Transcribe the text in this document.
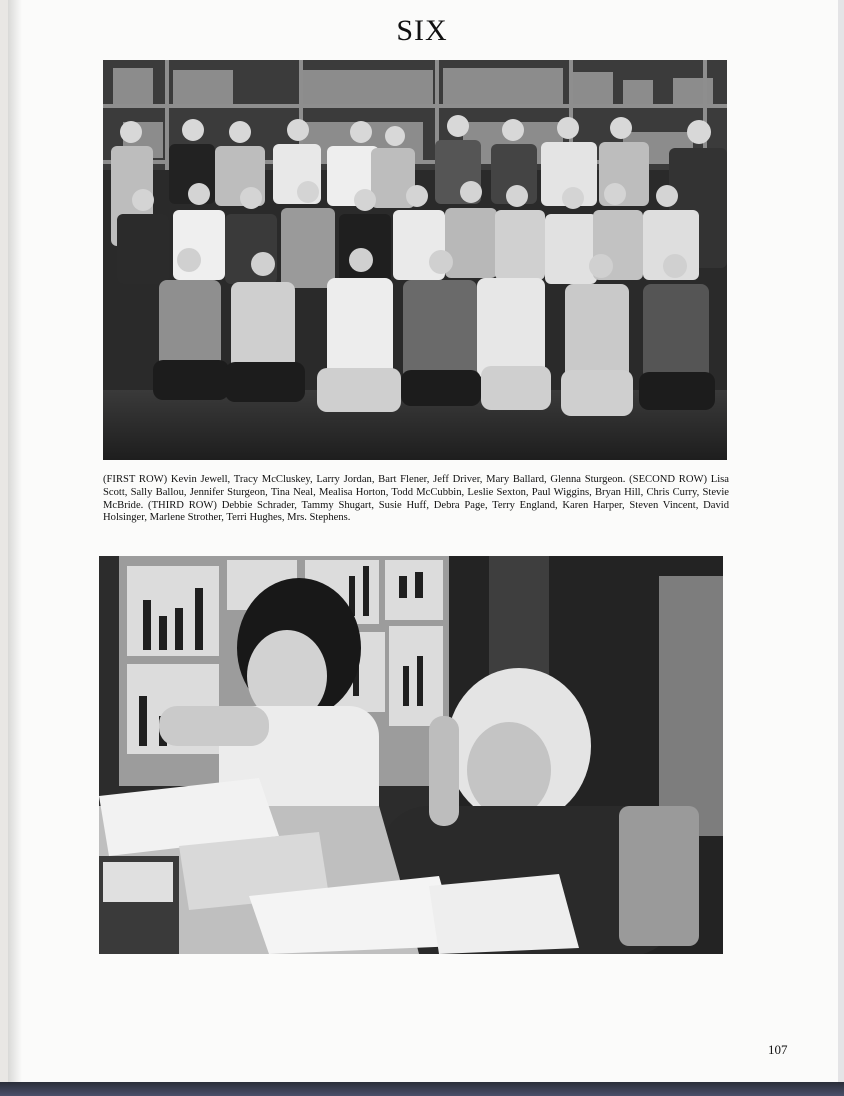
SIX
(FIRST ROW) Kevin Jewell, Tracy McCluskey, Larry Jordan, Bart Flener, Jeff Driver, Mary Ballard, Glenna Sturgeon. (SECOND ROW) Lisa Scott, Sally Ballou, Jennifer Sturgeon, Tina Neal, Mealisa Horton, Todd McCubbin, Leslie Sexton, Paul Wiggins, Bryan Hill, Chris Curry, Stevie McBride. (THIRD ROW) Debbie Schrader, Tammy Shugart, Susie Huff, Debra Page, Terry England, Karen Harper, Steven Vincent, David Holsinger, Marlene Strother, Terri Hughes, Mrs. Stephens.
107
